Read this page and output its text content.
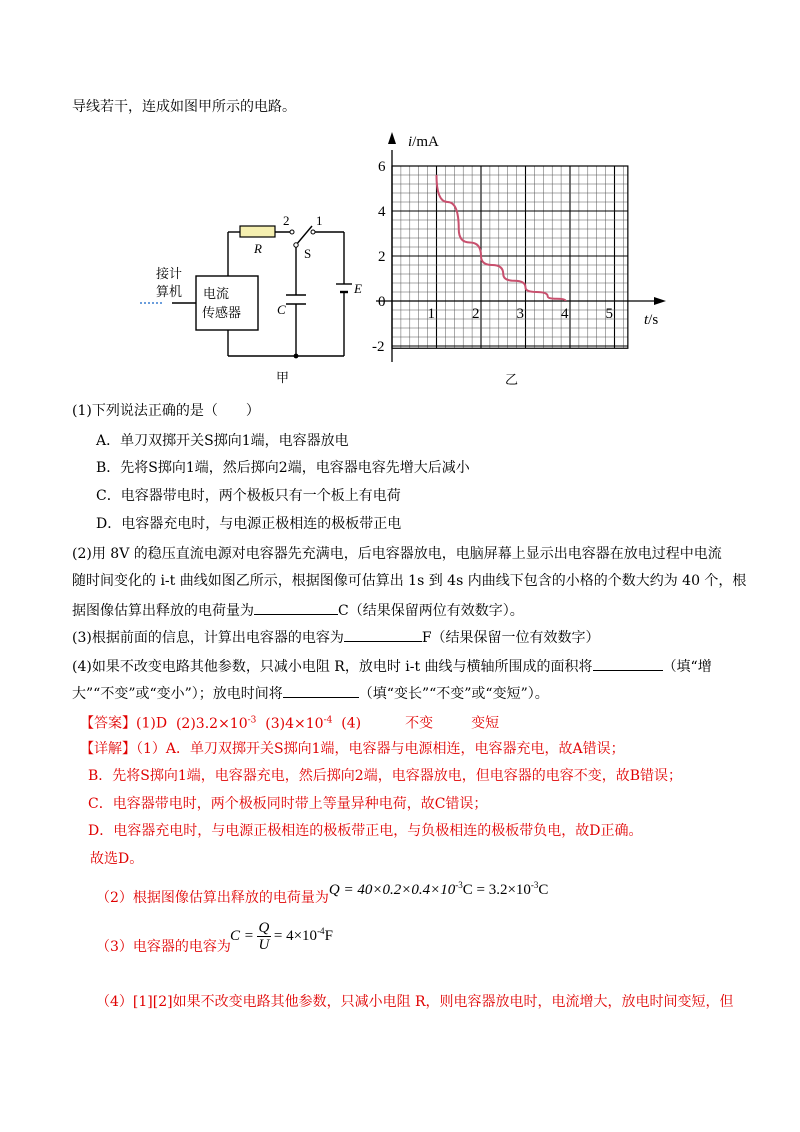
导线若干，连成如图甲所示的电路。
接计
算机 电流
传感器
R
2 1
S
C
E
甲
i/mA
t/s
6
4
2
0
-2
1 2 3 4 5
乙
(1)下列说法正确的是（　　）
A．单刀双掷开关S掷向1端，电容器放电
B．先将S掷向1端，然后掷向2端，电容器电容先增大后减小
C．电容器带电时，两个极板只有一个板上有电荷
D．电容器充电时，与电源正极相连的极板带正电
(2)用 8V 的稳压直流电源对电容器先充满电，后电容器放电，电脑屏幕上显示出电容器在放电过程中电流
随时间变化的 i-t 曲线如图乙所示，根据图像可估算出 1s 到 4s 内曲线下包含的小格的个数大约为 40 个，根
据图像估算出释放的电荷量为	C（结果保留两位有效数字）。
(3)根据前面的信息，计算出电容器的电容为	F（结果保留一位有效数字）
(4)如果不改变电路其他参数，只减小电阻 R，放电时 i-t 曲线与横轴所围成的面积将	（填“增
大”“不变”或“变小”）；放电时间将	（填“变长”“不变”或“变短”）。
【答案】(1)D $(2)3.2\times 10^{-3}$ $(3)4\times 10^{-4}$ (4)	不变	变短
【详解】（1）A．单刀双掷开关S掷向1端，电容器与电源相连，电容器充电，故A错误；
B．先将S掷向1端，电容器充电，然后掷向2端，电容器放电，但电容器的电容不变，故B错误；
C．电容器带电时，两个极板同时带上等量异种电荷，故C错误；
D．电容器充电时，与电源正极相连的极板带正电，与负极相连的极板带负电，故D正确。
故选D。
（2）根据图像估算出释放的电荷量为$Q = 40\times 0.2\times 0.4\times 10^{-3}C = 3.2\times 10^{-3}C$
（3）电容器的电容为
C = Q
U
= $4\times 10^{-4}$ F
（4）[1][2]如果不改变电路其他参数，只减小电阻 R，则电容器放电时，电流增大，放电时间变短，但
